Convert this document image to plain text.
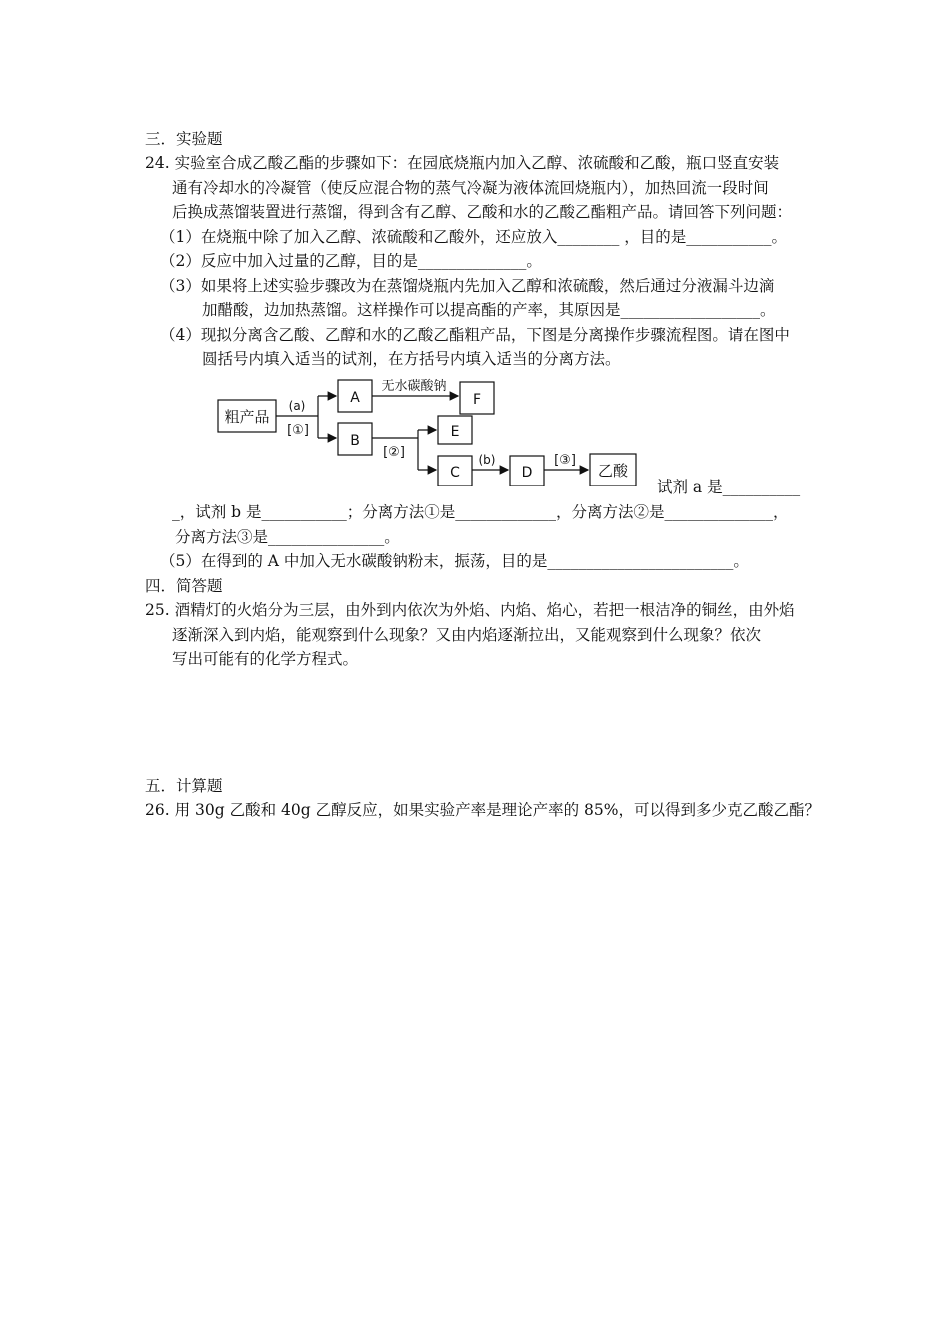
三．实验题
24. 实验室合成乙酸乙酯的步骤如下：在园底烧瓶内加入乙醇、浓硫酸和乙酸，瓶口竖直安装
通有冷却水的冷凝管（使反应混合物的蒸气冷凝为液体流回烧瓶内），加热回流一段时间
后换成蒸馏装置进行蒸馏，得到含有乙醇、乙酸和水的乙酸乙酯粗产品。请回答下列问题：
（1）在烧瓶中除了加入乙醇、浓硫酸和乙酸外，还应放入________ ，目的是___________。
（2）反应中加入过量的乙醇，目的是______________。
（3）如果将上述实验步骤改为在蒸馏烧瓶内先加入乙醇和浓硫酸，然后通过分液漏斗边滴
加醋酸，边加热蒸馏。这样操作可以提高酯的产率，其原因是__________________。
（4）现拟分离含乙酸、乙醇和水的乙酸乙酯粗产品，下图是分离操作步骤流程图。请在图中
圆括号内填入适当的试剂，在方括号内填入适当的分离方法。
粗产品
(a)
[①]
A
无水碳酸钠
F
B
[②]
E
C
(b)
D
[③]
乙酸
试剂 a 是__________
_，试剂 b 是___________；分离方法①是_____________，分离方法②是______________，
分离方法③是_______________。
（5）在得到的 A 中加入无水碳酸钠粉末，振荡，目的是________________________。
四．简答题
25. 酒精灯的火焰分为三层，由外到内依次为外焰、内焰、焰心，若把一根洁净的铜丝，由外焰
逐渐深入到内焰，能观察到什么现象？又由内焰逐渐拉出，又能观察到什么现象？依次
写出可能有的化学方程式。
五．计算题
26. 用 30g 乙酸和 40g 乙醇反应，如果实验产率是理论产率的 85%，可以得到多少克乙酸乙酯？
